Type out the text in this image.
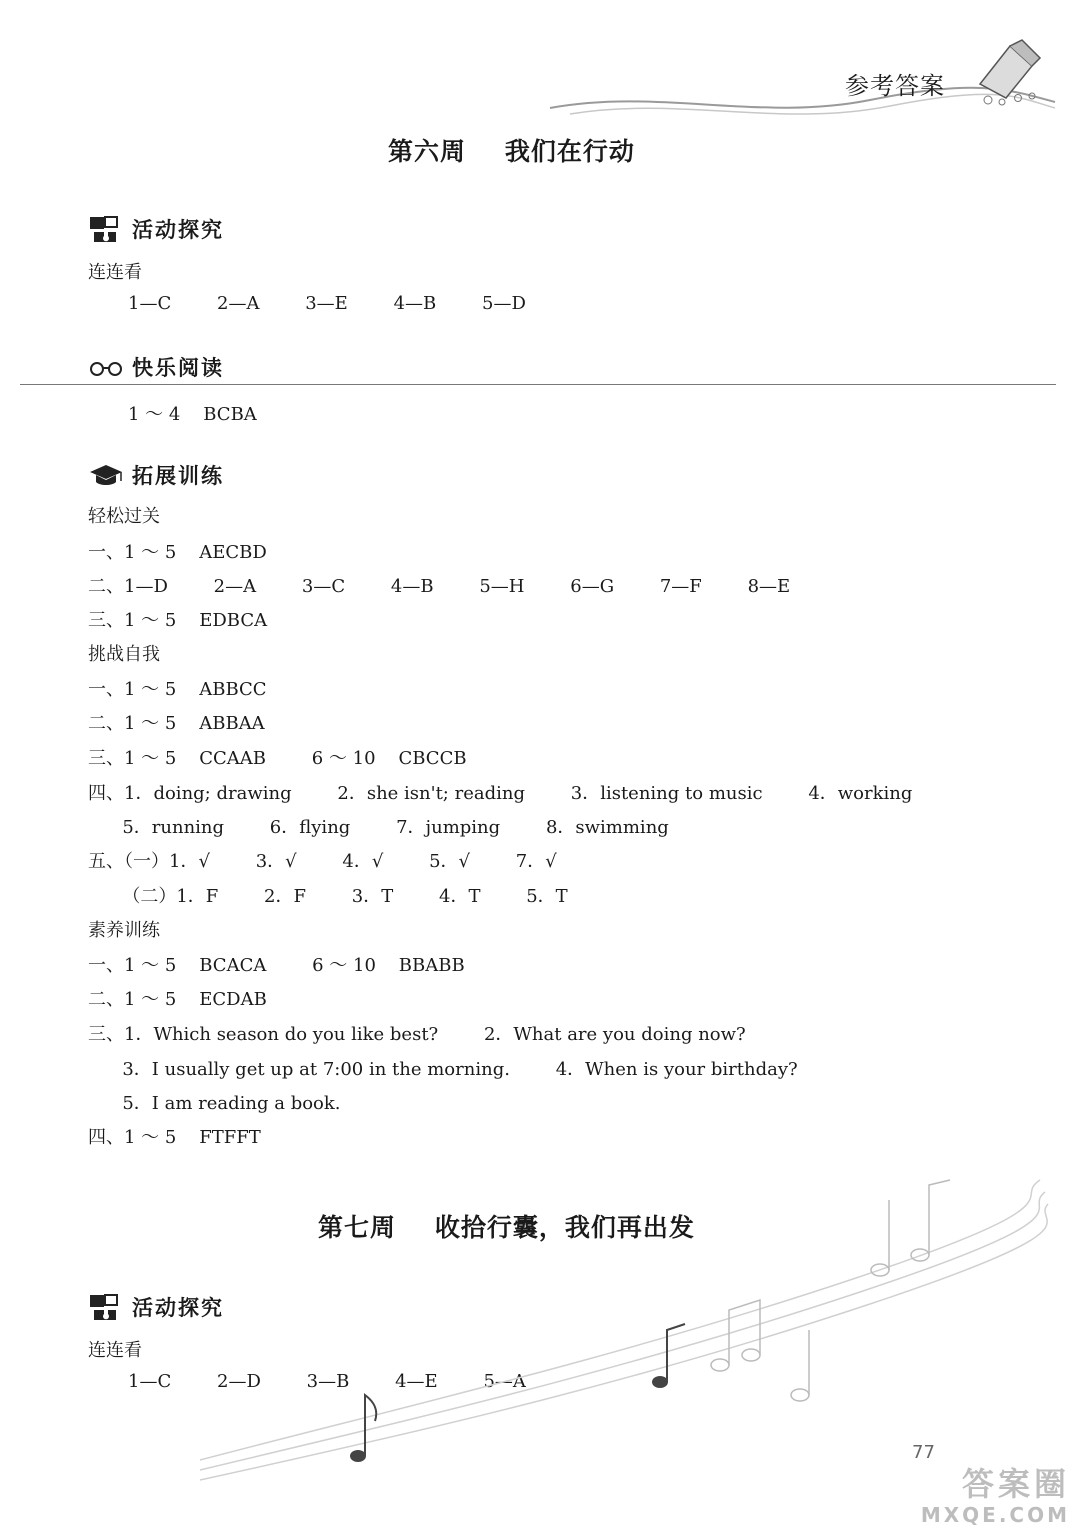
参考答案
第六周    我们在行动
活动探究
连连看
1—C        2—A        3—E        4—B        5—D
快乐阅读
1 ～ 4    BCBA
拓展训练
轻松过关
一、1 ～ 5    AECBD
二、1—D        2—A        3—C        4—B        5—H        6—G        7—F        8—E
三、1 ～ 5    EDBCA
挑战自我
一、1 ～ 5    ABBCC
二、1 ～ 5    ABBAA
三、1 ～ 5    CCAAB        6 ～ 10    CBCCB
四、1．doing; drawing        2．she isn't; reading        3．listening to music        4．working
5．running        6．flying        7．jumping        8．swimming
五、（一）1．√        3．√        4．√        5．√        7．√
（二）1．F        2．F        3．T        4．T        5．T
素养训练
一、1 ～ 5    BCACA        6 ～ 10    BBABB
二、1 ～ 5    ECDAB
三、1．Which season do you like best?        2．What are you doing now?
3．I usually get up at 7:00 in the morning.        4．When is your birthday?
5．I am reading a book.
四、1 ～ 5    FTFFT
第七周    收拾行囊，我们再出发
活动探究
连连看
1—C        2—D        3—B        4—E        5—A
77
答案圈
MXQE.COM
